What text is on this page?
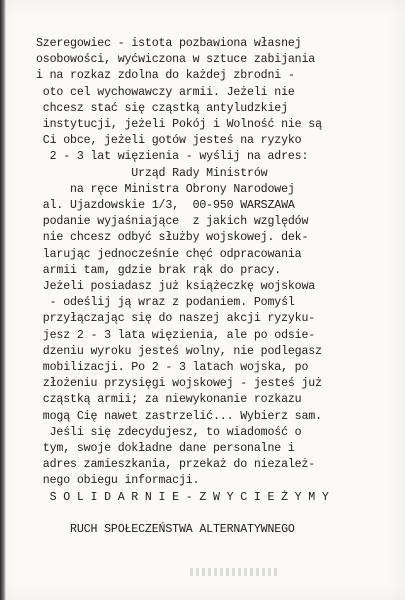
Szeregowiec - istota pozbawiona własnej
osobowości, wyćwiczona w sztuce zabijania
i na rozkaz zdolna do każdej zbrodni -
oto cel wychowawczy armii. Jeżeli nie
chcesz stać się cząstką antyludzkiej
instytucji, jeżeli Pokój i Wolność nie są
Ci obce, jeżeli gotów jesteś na ryzyko
2 - 3 lat więzienia - wyślij na adres:
Urząd Rady Ministrów
na ręce Ministra Obrony Narodowej
al. Ujazdowskie 1/3,  00-950 WARSZAWA
podanie wyjaśniające  z jakich względów
nie chcesz odbyć służby wojskowej. dek-
larując jednocześnie chęć odpracowania
armii tam, gdzie brak rąk do pracy.
Jeżeli posiadasz już książeczkę wojskowa
- odeślij ją wraz z podaniem. Pomyśl
przyłączając się do naszej akcji ryzyku-
jesz 2 - 3 lata więzienia, ale po odsie-
dzeniu wyroku jesteś wolny, nie podlegasz
mobilizacji. Po 2 - 3 latach wojska, po
złożeniu przysięgi wojskowej - jesteś już
cząstką armii; za niewykonanie rozkazu
mogą Cię nawet zastrzelić... Wybierz sam.
Jeśli się zdecydujesz, to wiadomość o
tym, swoje dokładne dane personalne i
adres zamieszkania, przekaż do niezależ-
nego obiegu informacji.
S O L I D A R N I E - Z W Y C I E Ż Y M Y

RUCH SPOŁECZEŃSTWA ALTERNATYWNEGO
